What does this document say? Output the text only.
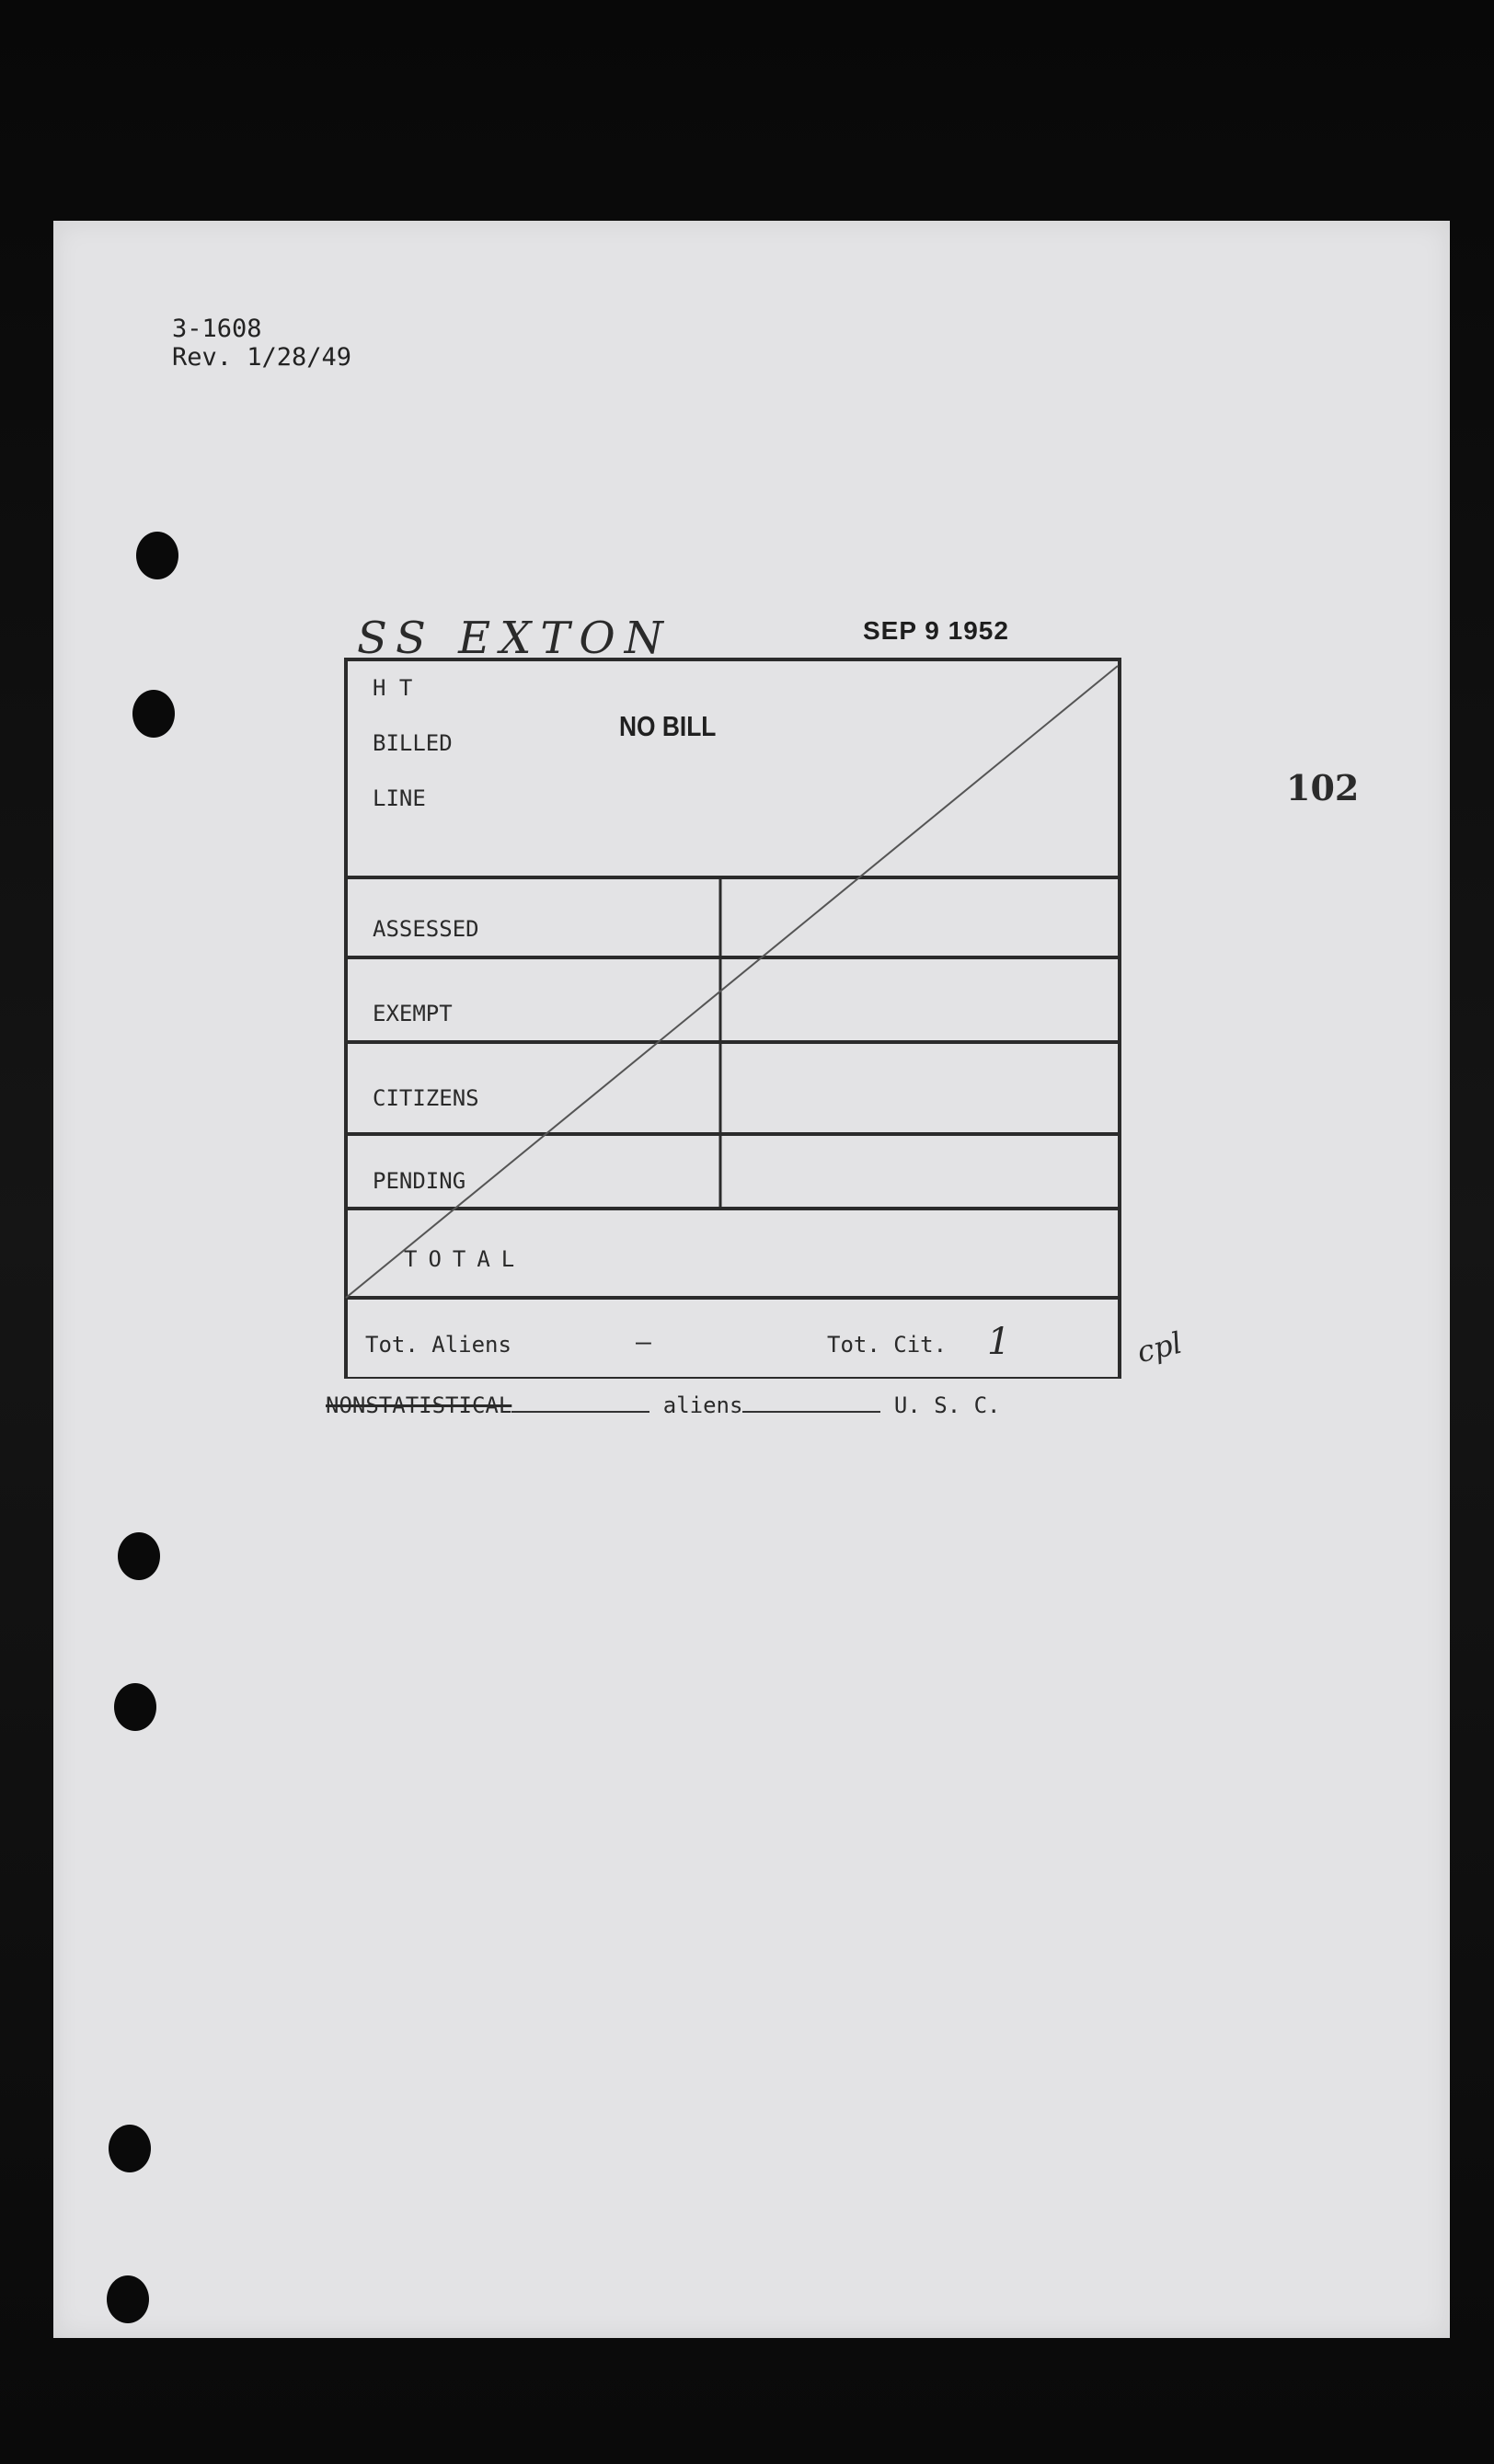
3-1608
Rev. 1/28/49
SS EXTON	SEP 9 1952
102
H T
BILLED
LINE
NO BILL
ASSESSED
EXEMPT
CITIZENS
PENDING
TOTAL
Tot. Aliens	—	Tot. Cit. 1	cpl
NONSTATISTICAL	aliens	U. S. C.
